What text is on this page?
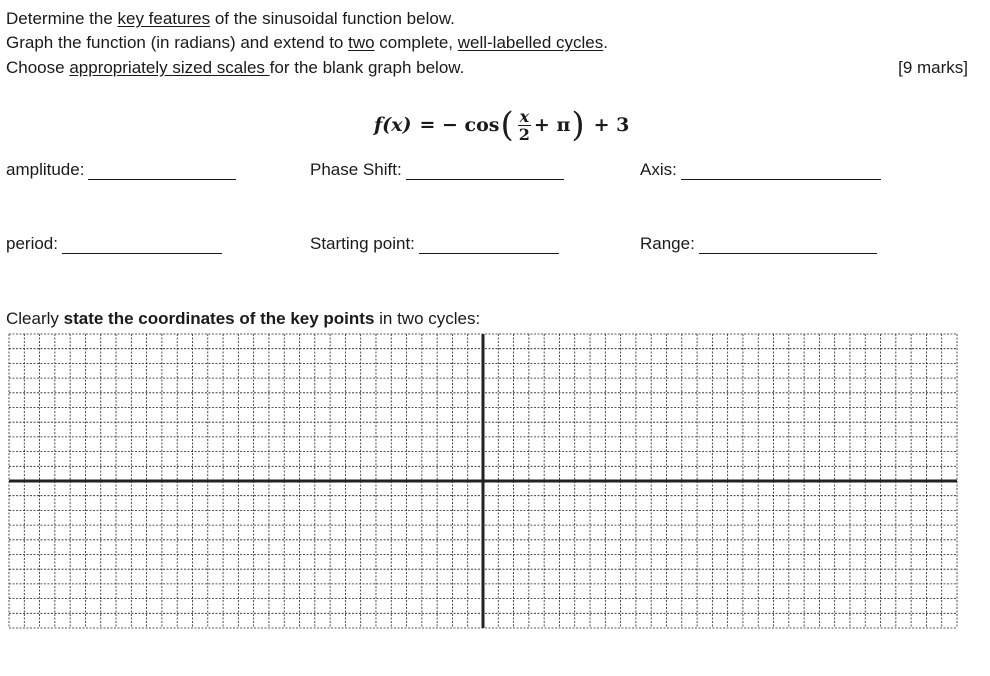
Determine the key features of the sinusoidal function below.
Graph the function (in radians) and extend to two complete, well-labelled cycles.
Choose appropriately sized scales for the blank graph below.	[9 marks]
f(x) = − cos ( $\frac{x}{2} + \pi$ ) + 3
amplitude:	Phase Shift:	Axis:
period:	Starting point:	Range:
Clearly state the coordinates of the key points in two cycles:
